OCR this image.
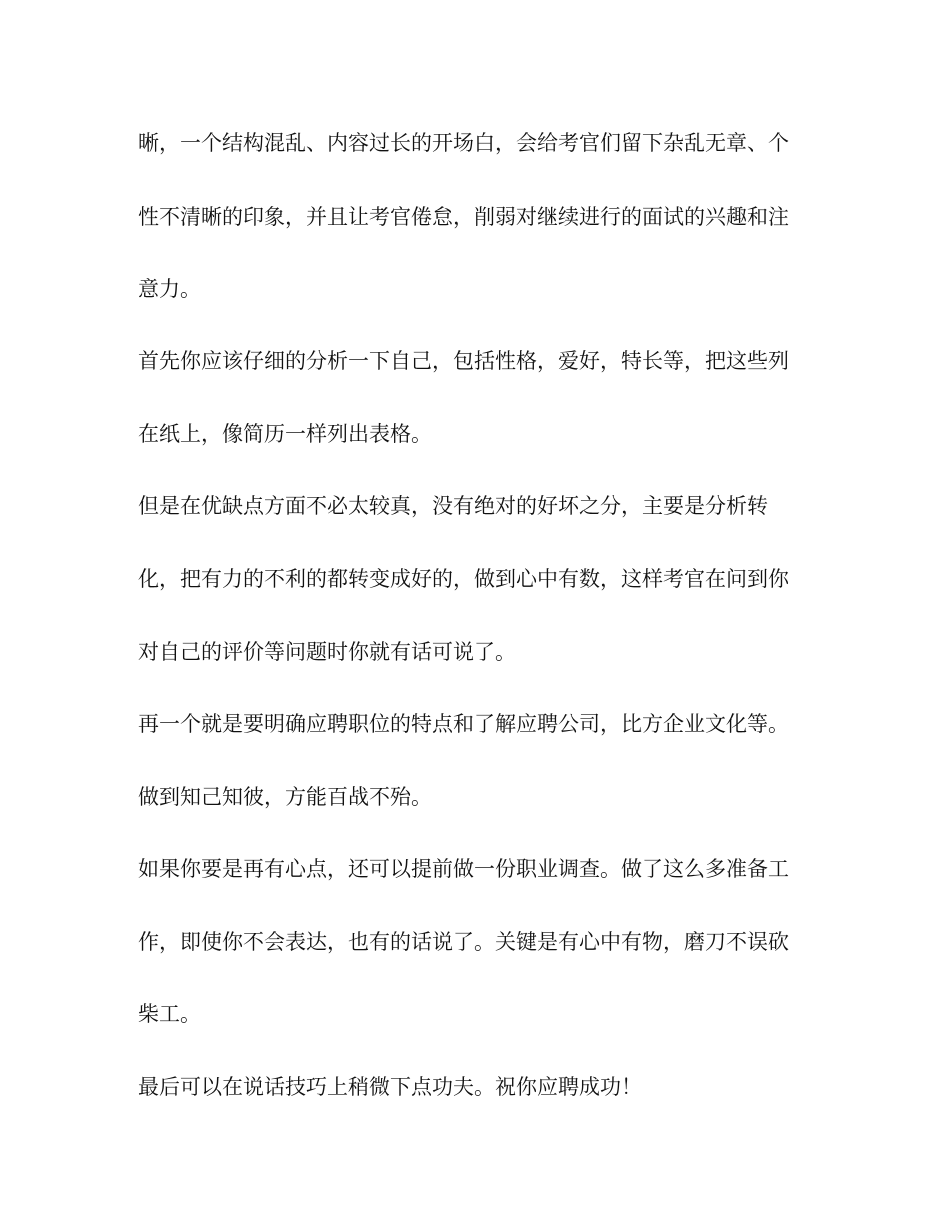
晰，一个结构混乱、内容过长的开场白，会给考官们留下杂乱无章、个
性不清晰的印象，并且让考官倦怠，削弱对继续进行的面试的兴趣和注
意力。
首先你应该仔细的分析一下自己，包括性格，爱好，特长等，把这些列
在纸上，像简历一样列出表格。
但是在优缺点方面不必太较真，没有绝对的好坏之分，主要是分析转
化，把有力的不利的都转变成好的，做到心中有数，这样考官在问到你
对自己的评价等问题时你就有话可说了。
再一个就是要明确应聘职位的特点和了解应聘公司，比方企业文化等。
做到知己知彼，方能百战不殆。
如果你要是再有心点，还可以提前做一份职业调查。做了这么多准备工
作，即使你不会表达，也有的话说了。关键是有心中有物，磨刀不误砍
柴工。
最后可以在说话技巧上稍微下点功夫。祝你应聘成功！
